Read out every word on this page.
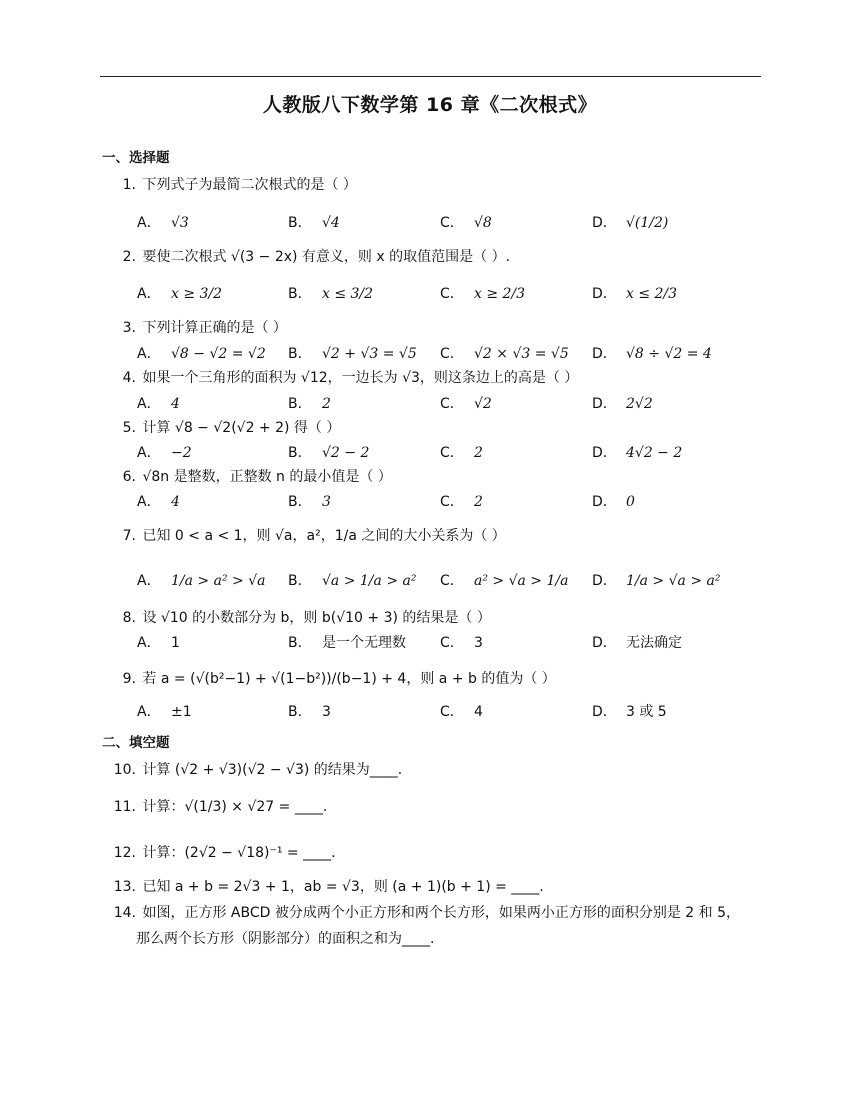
人教版八下数学第 16 章《二次根式》
一、选择题
1. 下列式子为最简二次根式的是（ ）
A． √3	B． √4	C． √8	D． √(1/2)
2. 要使二次根式 √(3 − 2x) 有意义，则 x 的取值范围是（ ）.
A． x ≥ 3/2	B． x ≤ 3/2	C． x ≥ 2/3	D． x ≤ 2/3
3. 下列计算正确的是（ ）
A． √8 − √2 = √2 B． √2 + √3 = √5 C． √2 × √3 = √5 D． √8 ÷ √2 = 4
4. 如果一个三角形的面积为 √12，一边长为 √3，则这条边上的高是（ ）
A． 4	B． 2	C． √2	D． 2√2
5. 计算 √8 − √2(√2 + 2) 得（ ）
A． −2	B． √2 − 2	C． 2	D． 4√2 − 2
6. √8n 是整数，正整数 n 的最小值是（ ）
A． 4	B． 3	C． 2	D． 0
7. 已知 0 < a < 1，则 √a，a²，1/a 之间的大小关系为（ ）
A． 1/a > a² > √a B． √a > 1/a > a² C． a² > √a > 1/a D． 1/a > √a > a²
8. 设 √10 的小数部分为 b，则 b(√10 + 3) 的结果是（ ）
A． 1	B． 是一个无理数 C． 3	D． 无法确定
9. 若 a = (√(b²−1) + √(1−b²))/(b−1) + 4，则 a + b 的值为（ ）
A． ±1	B． 3	C． 4	D． 3 或 5
二、填空题
10. 计算 (√2 + √3)(√2 − √3) 的结果为____.
11. 计算：√(1/3) × √27 = ____.
12. 计算：(2√2 − √18)⁻¹ = ____.
13. 已知 a + b = 2√3 + 1，ab = √3，则 (a + 1)(b + 1) = ____.
14. 如图，正方形 ABCD 被分成两个小正方形和两个长方形，如果两小正方形的面积分别是 2 和 5，
那么两个长方形（阴影部分）的面积之和为____.
